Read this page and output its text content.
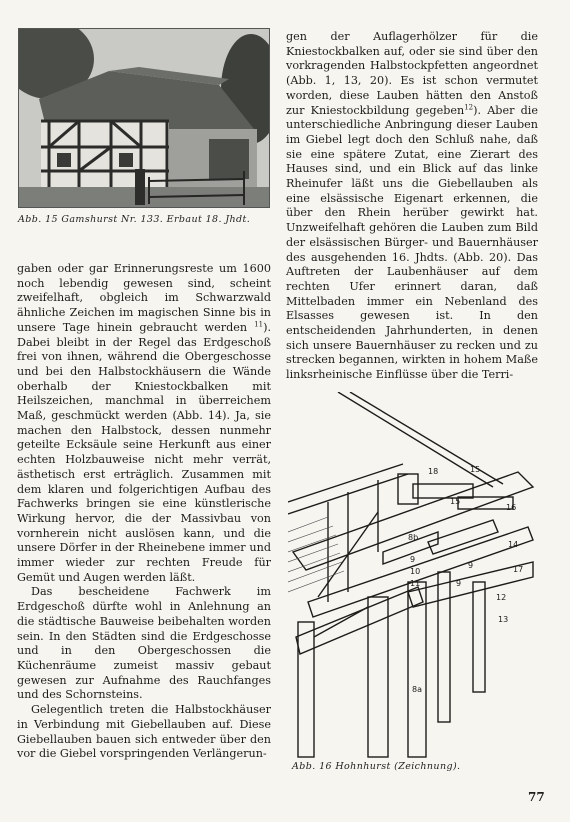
Abb. 15 Gamshurst Nr. 133. Erbaut 18. Jhdt.

gaben oder gar Erinnerungsreste um 1600 noch lebendig gewesen sind, scheint zweifelhaft, obgleich im Schwarzwald ähnliche Zeichen im magischen Sinne bis in unsere Tage hinein gebraucht werden $^{11}$). Dabei bleibt in der Regel das Erdgeschoß frei von ihnen, während die Obergeschosse und bei den Halbstockhäusern die Wände oberhalb der Kniestockbalken mit Heilszeichen, manchmal in überreichem Maß, geschmückt werden (Abb. 14). Ja, sie machen den Halbstock, dessen nunmehr geteilte Ecksäule seine Herkunft aus einer echten Holzbauweise nicht mehr verrät, ästhetisch erst erträglich. Zusammen mit dem klaren und folgerichtigen Aufbau des Fachwerks bringen sie eine künstlerische Wirkung hervor, die der Massivbau von vornherein nicht auslösen kann, und die unsere Dörfer in der Rheinebene immer und immer wieder zur rechten Freude für Gemüt und Augen werden läßt.

Das bescheidene Fachwerk im Erdgeschoß dürfte wohl in Anlehnung an die städtische Bauweise beibehalten worden sein. In den Städten sind die Erdgeschosse und in den Obergeschossen die Küchenräume zumeist massiv gebaut gewesen zur Aufnahme des Rauchfanges und des Schornsteins.

Gelegentlich treten die Halbstockhäuser in Verbindung mit Giebellauben auf. Diese Giebellauben bauen sich entweder über den vor die Giebel vorspringenden Verlängerun-

gen der Auflagerhölzer für die Kniestockbalken auf, oder sie sind über den vorkragenden Halbstockpfetten angeordnet (Abb. 1, 13, 20). Es ist schon vermutet worden, diese Lauben hätten den Anstoß zur Kniestockbildung gegeben$^{12}$). Aber die unterschiedliche Anbringung dieser Lauben im Giebel legt doch den Schluß nahe, daß sie eine spätere Zutat, eine Zierart des Hauses sind, und ein Blick auf das linke Rheinufer läßt uns die Giebellauben als eine elsässische Eigenart erkennen, die über den Rhein herüber gewirkt hat. Unzweifelhaft gehören die Lauben zum Bild der elsässischen Bürger- und Bauernhäuser des ausgehenden 16. Jhdts. (Abb. 20). Das Auftreten der Laubenhäuser auf dem rechten Ufer erinnert daran, daß Mittelbaden immer ein Nebenland des Elsasses gewesen ist. In den entscheidenden Jahrhunderten, in denen sich unsere Bauernhäuser zu recken und zu strecken begannen, wirkten in hohem Maße linksrheinische Einflüsse über die Terri-

18	15
15
8b
9
10
11
9
9
12
13
14
8a
16
17
Abb. 16 Hohnhurst (Zeichnung).
77
